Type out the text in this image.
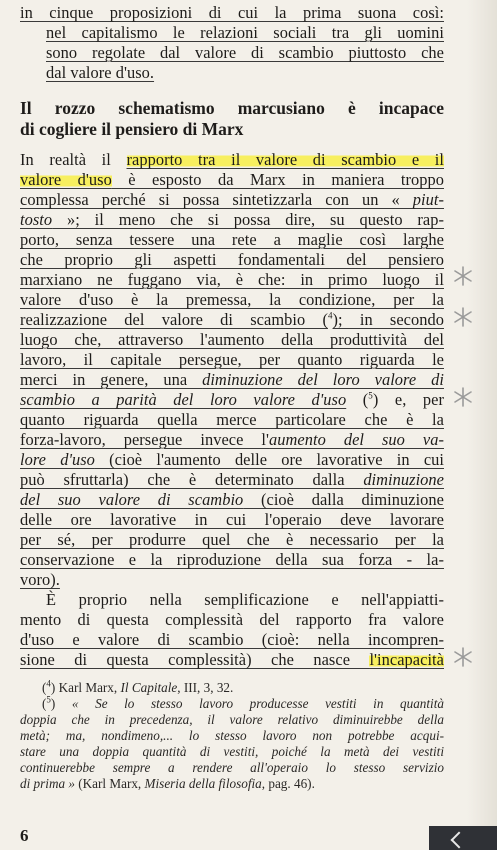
in cinque proposizioni di cui la prima suona così:
nel capitalismo le relazioni sociali tra gli uomini
sono regolate dal valore di scambio piuttosto che
dal valore d'uso.
Il rozzo schematismo marcusiano è incapace
di cogliere il pensiero di Marx
In realtà il rapporto tra il valore di scambio e il
valore d'uso è esposto da Marx in maniera troppo
complessa perché si possa sintetizzarla con un « piut-
tosto »; il meno che si possa dire, su questo rap-
porto, senza tessere una rete a maglie così larghe
che proprio gli aspetti fondamentali del pensiero
marxiano ne fuggano via, è che: in primo luogo il
valore d'uso è la premessa, la condizione, per la
realizzazione del valore di scambio ($^4$); in secondo
luogo che, attraverso l'aumento della produttività del
lavoro, il capitale persegue, per quanto riguarda le
merci in genere, una diminuzione del loro valore di
scambio a parità del loro valore d'uso ($^5$) e, per
quanto riguarda quella merce particolare che è la
forza-lavoro, persegue invece l'aumento del suo va-
lore d'uso (cioè l'aumento delle ore lavorative in cui
può sfruttarla) che è determinato dalla diminuzione
del suo valore di scambio (cioè dalla diminuzione
delle ore lavorative in cui l'operaio deve lavorare
per sé, per produrre quel che è necessario per la
conservazione e la riproduzione della sua forza - la-
voro).
È proprio nella semplificazione e nell'appiatti-
mento di questa complessità del rapporto fra valore
d'uso e valore di scambio (cioè: nella incompren-
sione di questa complessità) che nasce l'incapacità
($^4$) Karl Marx, Il Capitale, III, 3, 32.
($^5$) « Se lo stesso lavoro producesse vestiti in quantità
doppia che in precedenza, il valore relativo diminuirebbe della
metà; ma, nondimeno,... lo stesso lavoro non potrebbe acqui-
stare una doppia quantità di vestiti, poiché la metà dei vestiti
continuerebbe sempre a rendere all'operaio lo stesso servizio
di prima » (Karl Marx, Miseria della filosofia, pag. 46).
6
